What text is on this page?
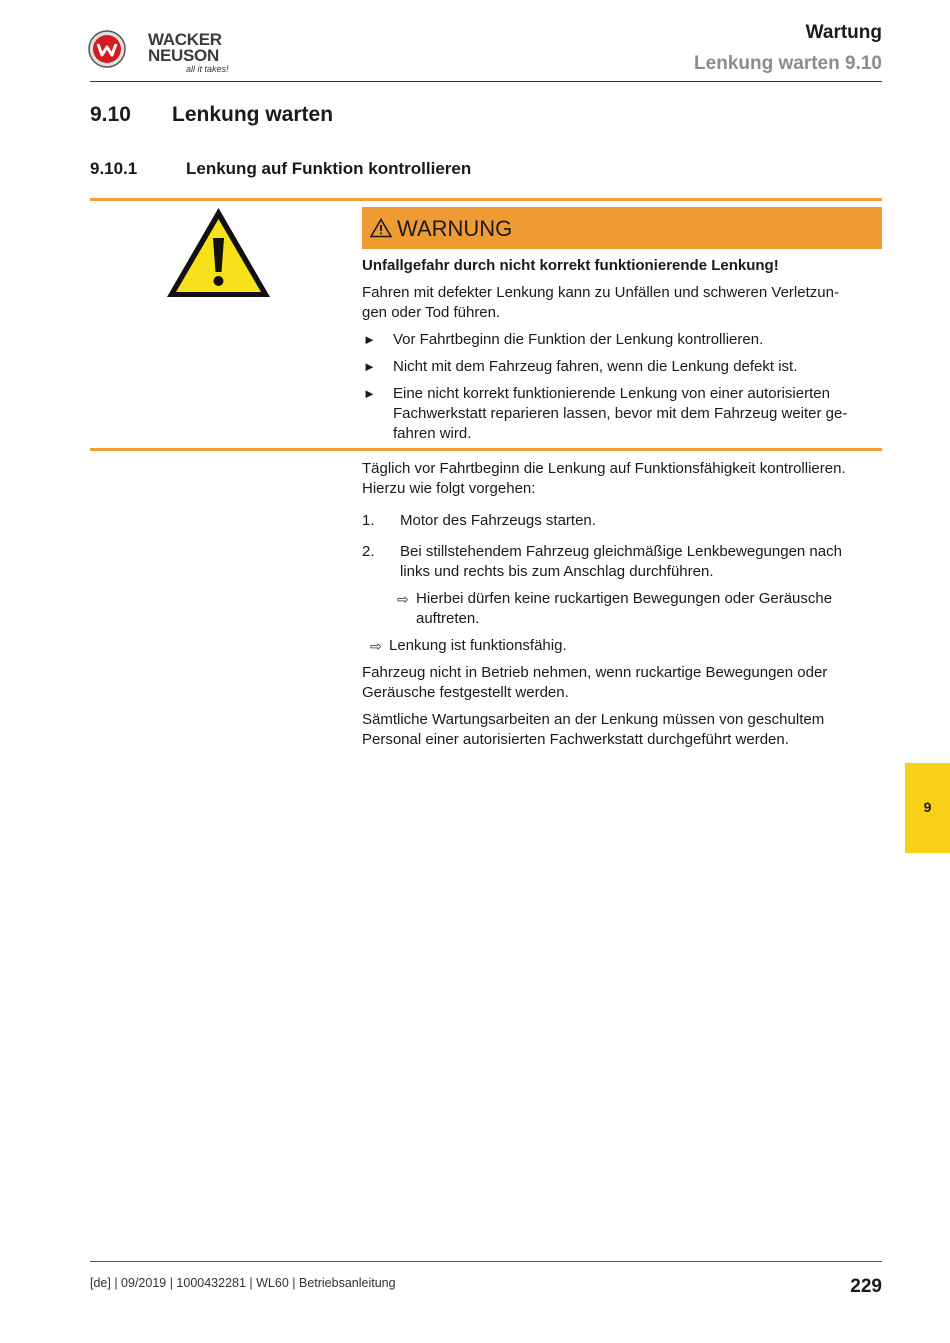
WACKER
NEUSON
all it takes!
Wartung
Lenkung warten 9.10
9.10 Lenkung warten
9.10.1	Lenkung auf Funktion kontrollieren
WARNUNG
Unfallgefahr durch nicht korrekt funktionierende Lenkung!
Fahren mit defekter Lenkung kann zu Unfällen und schweren Verletzun-
gen oder Tod führen.
► Vor Fahrtbeginn die Funktion der Lenkung kontrollieren.
► Nicht mit dem Fahrzeug fahren, wenn die Lenkung defekt ist.
► Eine nicht korrekt funktionierende Lenkung von einer autorisierten
Fachwerkstatt reparieren lassen, bevor mit dem Fahrzeug weiter ge-
fahren wird.
Täglich vor Fahrtbeginn die Lenkung auf Funktionsfähigkeit kontrollieren.
Hierzu wie folgt vorgehen:
1. Motor des Fahrzeugs starten.
2. Bei stillstehendem Fahrzeug gleichmäßige Lenkbewegungen nach
links und rechts bis zum Anschlag durchführen.
⇨ Hierbei dürfen keine ruckartigen Bewegungen oder Geräusche
auftreten.
⇨ Lenkung ist funktionsfähig.
Fahrzeug nicht in Betrieb nehmen, wenn ruckartige Bewegungen oder
Geräusche festgestellt werden.
Sämtliche Wartungsarbeiten an der Lenkung müssen von geschultem
Personal einer autorisierten Fachwerkstatt durchgeführt werden.
9
[de] | 09/2019 | 1000432281 | WL60 | Betriebsanleitung	229
